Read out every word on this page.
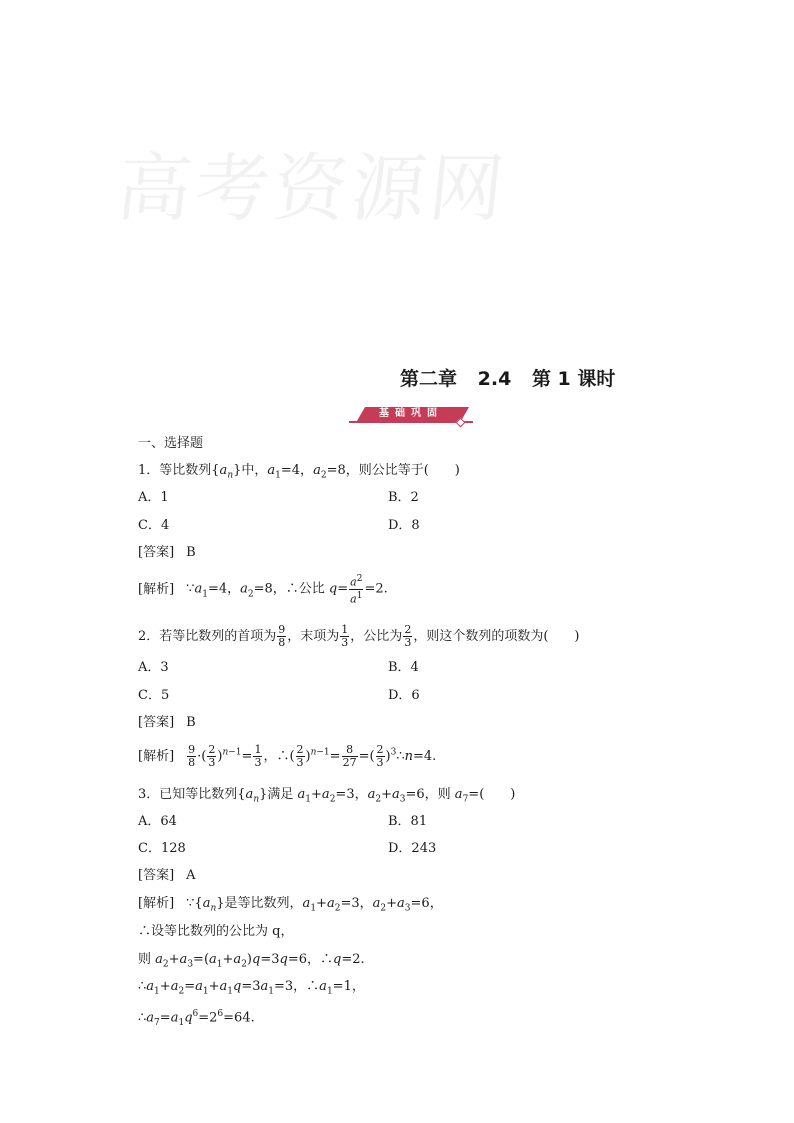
高考资源网
第二章 2.4 第 1 课时
基础巩固
一、选择题
1．等比数列$\{a_n\}$中，$a_1=4$，$a_2=8$，则公比等于(　　)
A．1	B．2
C．4	D．8
[答案] B
[解析] $\because a_1=4$，$a_2=8$，∴公比 $q= \frac{a^2}{a^1} =2$.
2．若等比数列的首项为 $\frac{9}{8}$ ，末项为 $\frac{1}{3}$ ，公比为 $\frac{2}{3}$ ，则这个数列的项数为(　　)
A．3	B．4
C．5	D．6
[答案] B
[解析] $\frac{9}{8}$ ·( $\frac{2}{3} )^{n-1}= \frac{1}{3}$ ，∴( $\frac{2}{3} )^{n-1}= \frac{8}{27}$ =( $\frac{2}{3}$ )$^3$∴n=4.
3．已知等比数列$\{a_n\}$满足 $a_1+a_2=3$，$a_2+a_3=6$，则 $a_7=$(　　)
A．64	B．81
C．128	D．243
[答案] A
[解析] $\because\{a_n\}$是等比数列，$a_1+a_2=3$，$a_2+a_3=6$，
∴设等比数列的公比为 q，
则 $a_2+a_3=(a_1+a_2)q=3q=6$，∴q=2.
$\therefore a_1+a_2=a_1+a_1q=3a_1=3$，$\therefore a_1=1$，
$\therefore a_7=a_1q^6=2^6=64$.
